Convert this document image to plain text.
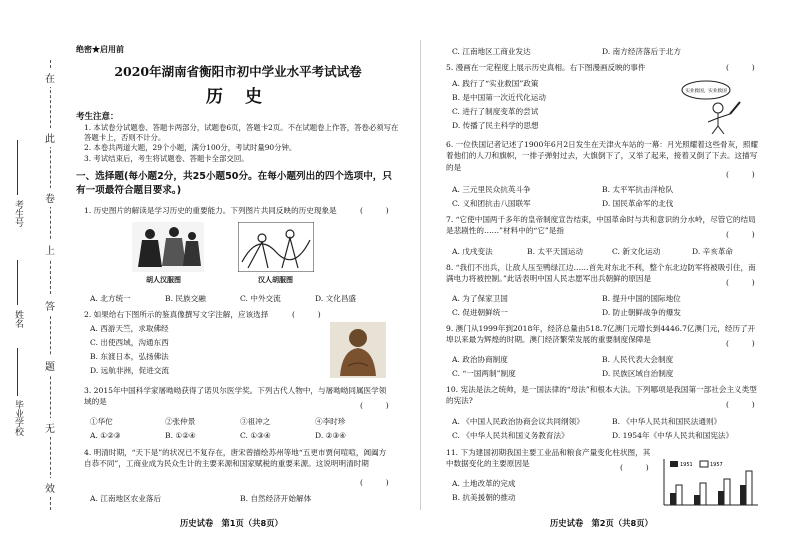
在
此
卷
上
答
题
无
效
考生号
姓名
毕业学校
绝密★启用前
2020年湖南省衡阳市初中学业水平考试试卷
历 史
考生注意：
1. 本试卷分试题卷、答题卡两部分，试题卷6页，答题卡2页。不在试题卷上作答，答卷必须写在答题卡上，否则不计分。
2. 本卷共两道大题，29个小题，满分100分，考试时量90分钟。
3. 考试结束后，考生将试题卷、答题卡全部交回。
一、选择题(每小题2分，共25小题50分。在每小题列出的四个选项中，只有一项最符合题目要求。)
1. 历史图片的解读是学习历史的重要能力。下列图片共同反映的历史现象是	(　　　)
胡人汉服图	汉人胡服图
A. 北方统一	B. 民族交融	C. 中外交流	D. 文化昌盛
2. 如果给右下图所示的鉴真像撰写文字注解，应该选择	(　　　)
A. 西游天竺，求取佛经
C. 出使西域，沟通东西
B. 东渡日本，弘扬佛法
D. 远航非洲，促进交流
3. 2015年中国科学家屠呦呦获得了诺贝尔医学奖。下列古代人物中，与屠呦呦同属医学领域的是	(　　　)
①华佗	②张仲景	③祖冲之	④李时珍
A. ①②③	B. ①②④	C. ①③④	D. ②③④
4. 明清时期，“天下是”的状况已不复存在，唐宋曾描绘苏州等地“五更市贾何喧喧，阊阖方自恭不同”，工商业成为民众生计的主要来源和国家赋税的重要来源。这说明明清时期
(　　　)
A. 江南地区农业落后	B. 自然经济开始解体
历史试卷　第1页（共8页）
C. 江南地区工商业发达	D. 南方经济落后于北方
5. 漫画在一定程度上展示历史真相。右下图漫画反映的事件	(　　　)
实业救国，实业救国
A. 践行了“实业救国”政策
B. 是中国第一次近代化运动
C. 进行了制度变革的尝试
D. 传播了民主科学的思想
6. 一位佚国记者记述了1900年6月2日发生在天津火车站的一幕：月光照耀着这些骨灰，照耀着他们的人刀和旗帜，一排子弹射过去，大旗倒下了，又举了起来，接着又倒了下去。这描写的是
(　　　)
A. 三元里民众抗英斗争	B. 太平军抗击洋枪队
C. 义和团抗击八国联军	D. 国民革命军的北伐
7. “它使中国两千多年的皇帝制度宣告结束，中国革命时与共和意识的分水岭，尽管它的结局是悲剧性的……”材料中的“它”是指	(　　　)
A. 戊戌变法	B. 太平天国运动	C. 新文化运动	D. 辛亥革命
8. “我们不出兵，让敌人压至鸭绿江边……首先对东北不利，整个东北边防军将被吸引住，南满电力将被控制。”此话表明中国人民志愿军出兵朝鲜的原因是	(　　　)
A. 为了保家卫国	B. 提升中国的国际地位
C. 促进朝鲜统一	D. 防止朝鲜战争的爆发
9. 澳门从1999年到2018年，经济总量由518.7亿澳门元增长到4446.7亿澳门元，经历了开埠以来最为辉煌的时期。澳门经济繁荣发展的重要制度保障是	(　　　)
A. 政治协商制度	B. 人民代表大会制度
C. “一国两制”制度	D. 民族区域自治制度
10. 宪法是法之统帅，是一国法律的“母法”和根本大法。下列哪项是我国第一部社会主义类型的宪法?	(　　　)
A. 《中国人民政治协商会议共同纲领》	B. 《中华人民共和国民法通则》
C. 《中华人民共和国义务教育法》	D. 1954年《中华人民共和国宪法》
11. 下为建国初期我国主要工业品和粮食产量变化柱状图，其中数据变化的主要原因是	(　　　)
A. 土地改革的完成
B. 抗美援朝的推动
1951	1957
历史试卷　第2页（共8页）
